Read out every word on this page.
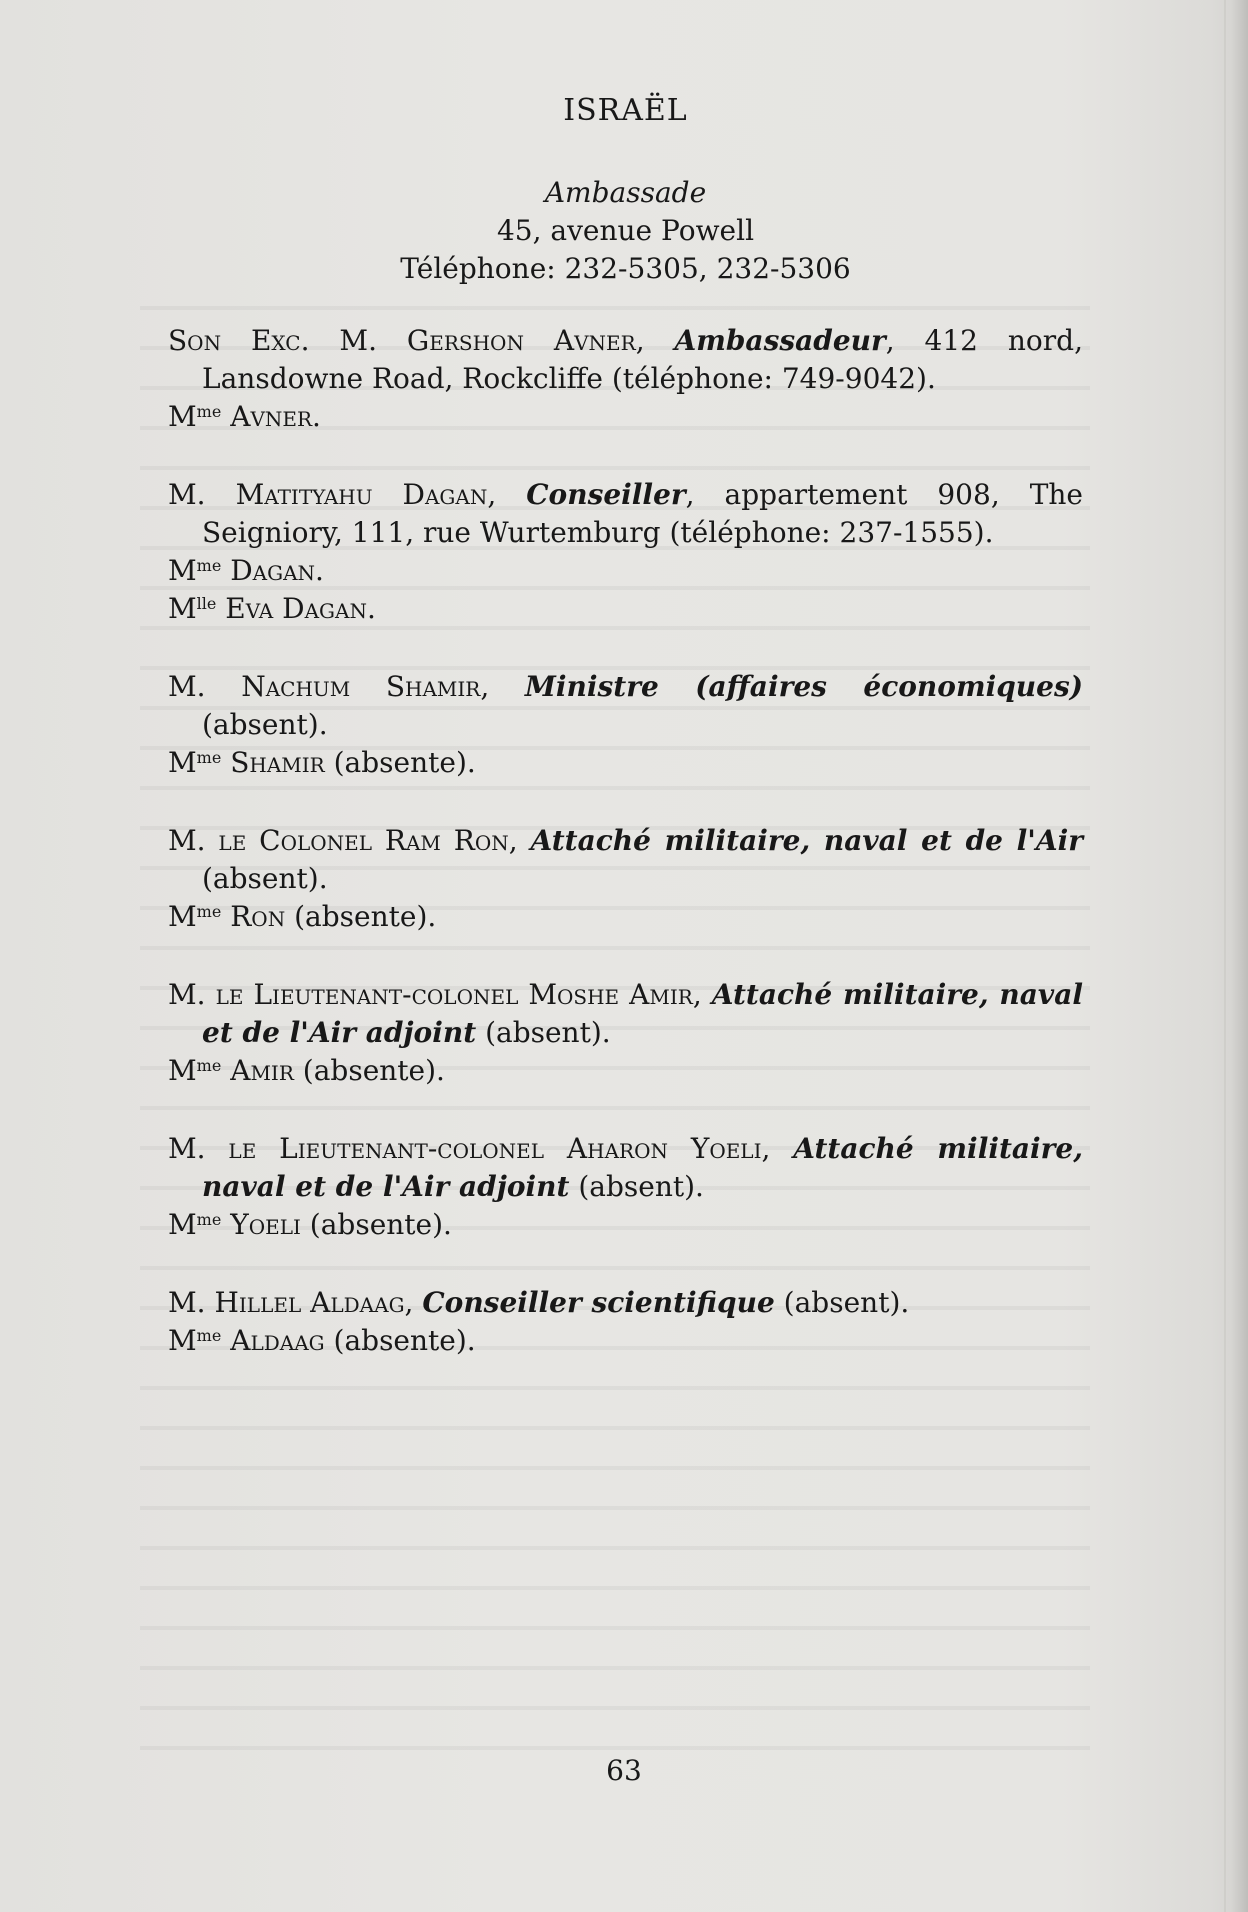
ISRAËL
Ambassade
45, avenue Powell
Téléphone: 232-5305, 232-5306
Son Exc. M. Gershon Avner, Ambassadeur, 412 nord, Lansdowne Road, Rockcliffe (téléphone: 749-9042).
$M^{me}$ Avner.
M. Matityahu Dagan, Conseiller, appartement 908, The Seigniory, 111, rue Wurtemburg (téléphone: 237-1555).
$M^{me}$ Dagan.
$M^{lle}$ Eva Dagan.
M. Nachum Shamir, Ministre (affaires économiques) (absent).
$M^{me}$ Shamir (absente).
M. le Colonel Ram Ron, Attaché militaire, naval et de l'Air (absent).
$M^{me}$ Ron (absente).
M. le Lieutenant-colonel Moshe Amir, Attaché militaire, naval et de l'Air adjoint (absent).
$M^{me}$ Amir (absente).
M. le Lieutenant-colonel Aharon Yoeli, Attaché militaire, naval et de l'Air adjoint (absent).
$M^{me}$ Yoeli (absente).
M. Hillel Aldaag, Conseiller scientifique (absent).
$M^{me}$ Aldaag (absente).
63
